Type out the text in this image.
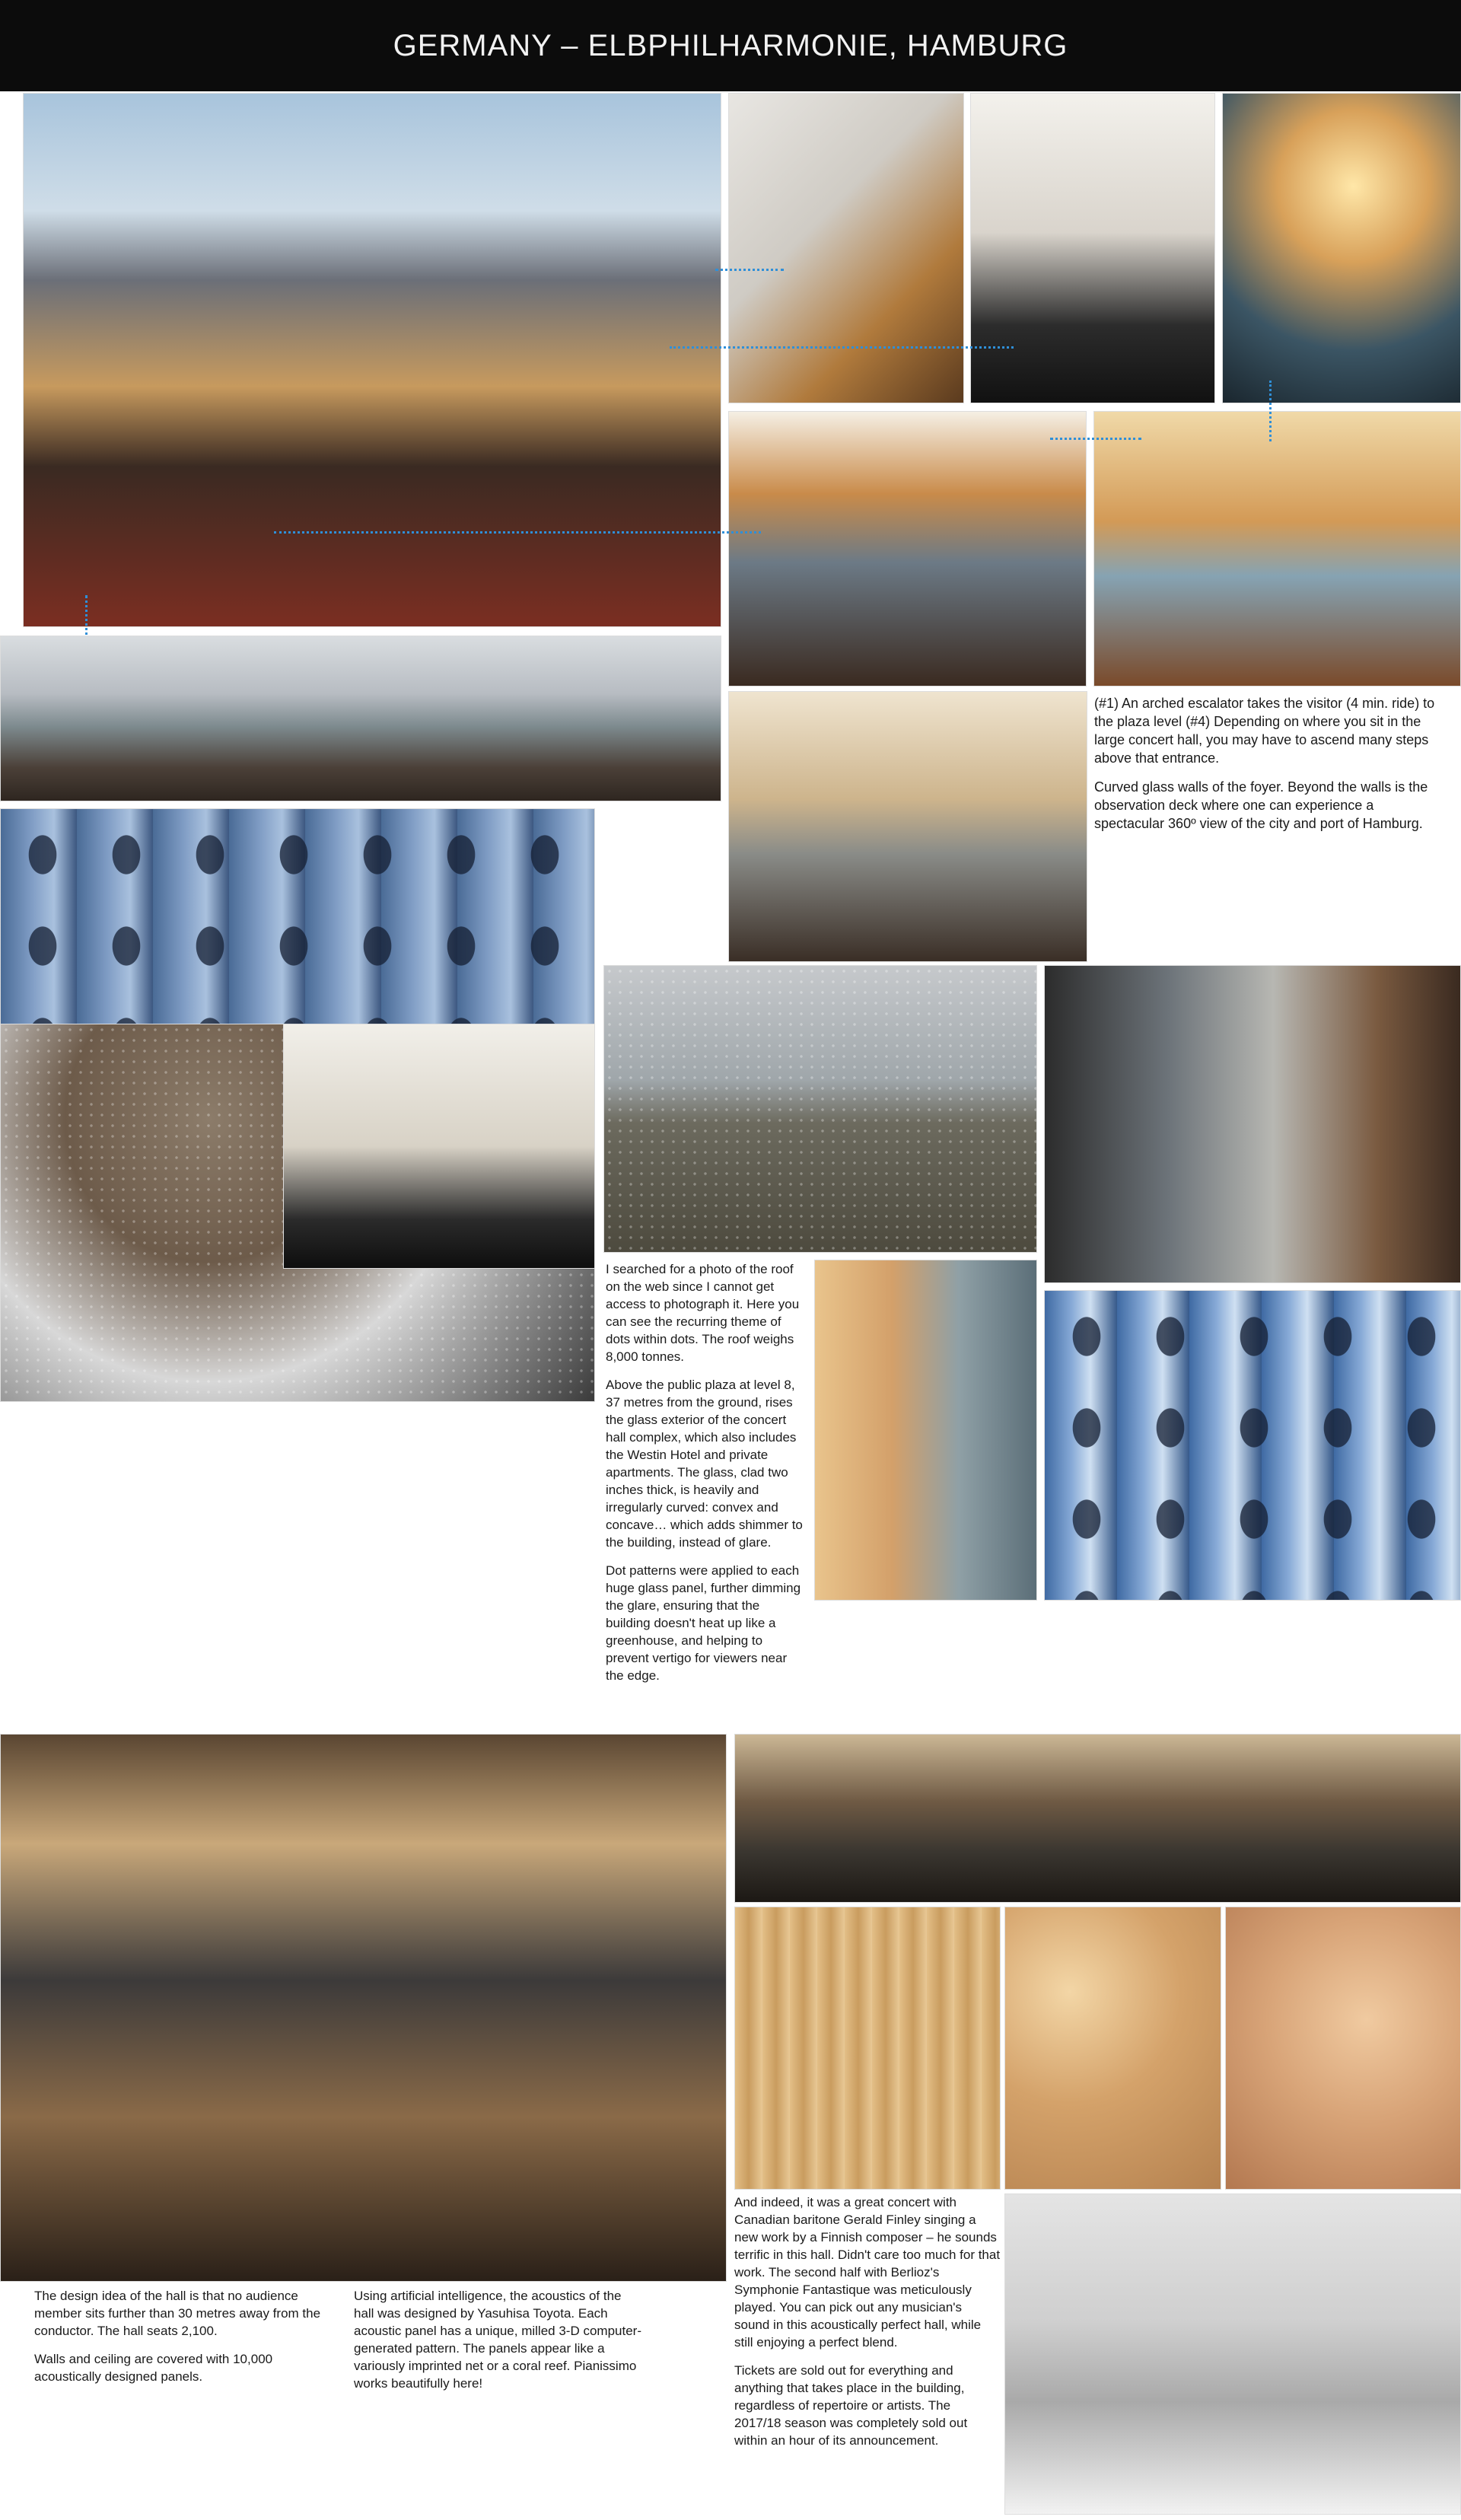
GERMANY – ELBPHILHARMONIE, HAMBURG

(#1) An arched escalator takes the visitor (4 min. ride) to the plaza level (#4) Depending on where you sit in the large concert hall, you may have to ascend many steps above that entrance.

Curved glass walls of the foyer. Beyond the walls is the observation deck where one can experience a spectacular 360º view of the city and port of Hamburg.

I searched for a photo of the roof on the web since I cannot get access to photograph it. Here you can see the recurring theme of dots within dots. The roof weighs 8,000 tonnes.

Above the public plaza at level 8, 37 metres from the ground, rises the glass exterior of the concert hall complex, which also includes the Westin Hotel and private apartments. The glass, clad two inches thick, is heavily and irregularly curved: convex and concave… which adds shimmer to the building, instead of glare.

Dot patterns were applied to each huge glass panel, further dimming the glare, ensuring that the building doesn't heat up like a greenhouse, and helping to prevent vertigo for viewers near the edge.

The design idea of the hall is that no audience member sits further than 30 metres away from the conductor. The hall seats 2,100.

Walls and ceiling are covered with 10,000 acoustically designed panels.

Using artificial intelligence, the acoustics of the hall was designed by Yasuhisa Toyota. Each acoustic panel has a unique, milled 3-D computer-generated pattern. The panels appear like a variously imprinted net or a coral reef. Pianissimo works beautifully here!

And indeed, it was a great concert with Canadian baritone Gerald Finley singing a new work by a Finnish composer – he sounds terrific in this hall. Didn't care too much for that work. The second half with Berlioz's Symphonie Fantastique was meticulously played. You can pick out any musician's sound in this acoustically perfect hall, while still enjoying a perfect blend.

Tickets are sold out for everything and anything that takes place in the building, regardless of repertoire or artists. The 2017/18 season was completely sold out within an hour of its announcement.
